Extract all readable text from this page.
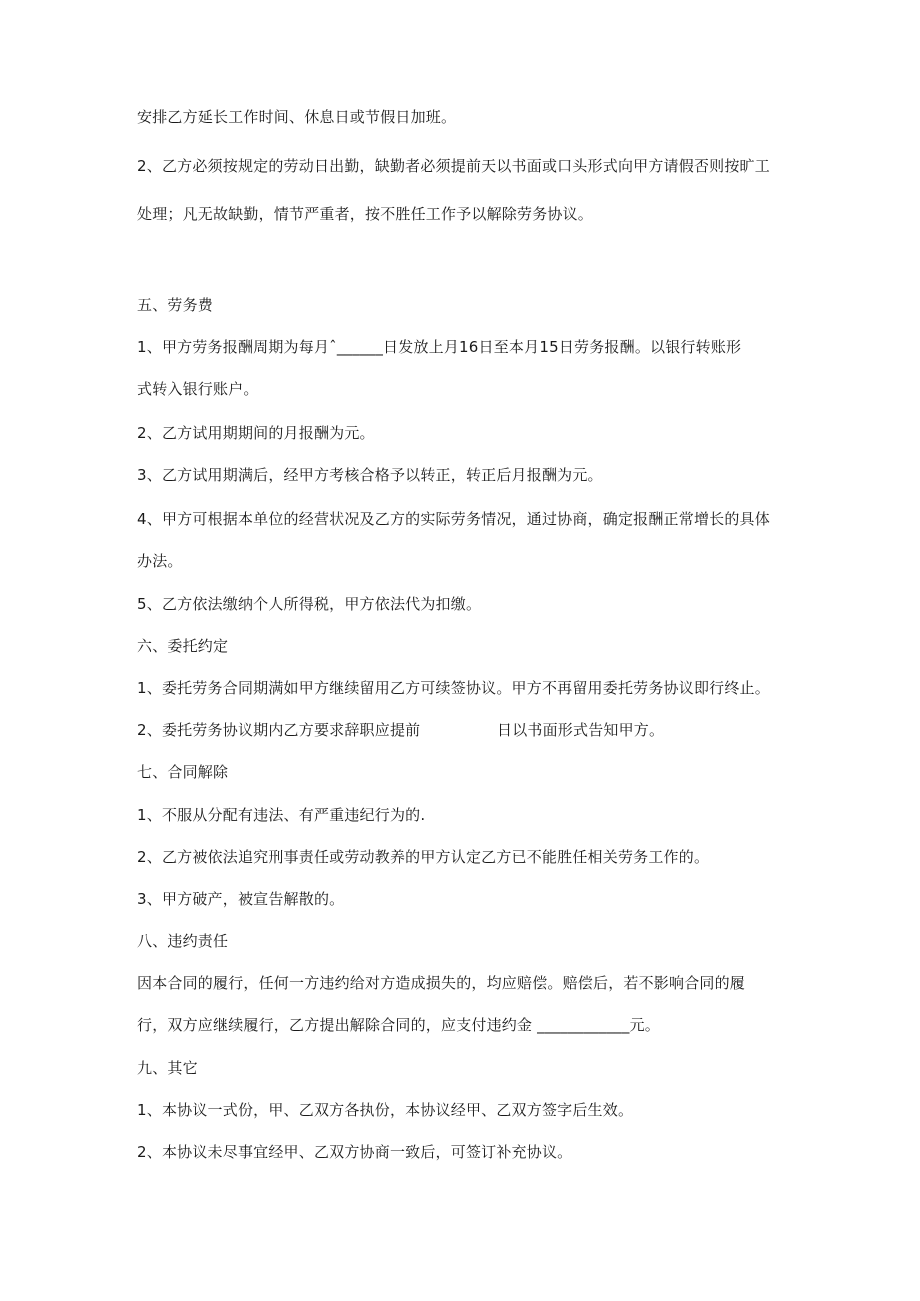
安排乙方延长工作时间、休息日或节假日加班。
2、乙方必须按规定的劳动日出勤，缺勤者必须提前天以书面或口头形式向甲方请假否则按旷工
处理；凡无故缺勤，情节严重者，按不胜任工作予以解除劳务协议。
五、劳务费
1、甲方劳务报酬周期为每月ˆ______日发放上月16日至本月15日劳务报酬。以银行转账形
式转入银行账户。
2、乙方试用期期间的月报酬为元。
3、乙方试用期满后，经甲方考核合格予以转正，转正后月报酬为元。
4、甲方可根据本单位的经营状况及乙方的实际劳务情况，通过协商，确定报酬正常增长的具体
办法。
5、乙方依法缴纳个人所得税，甲方依法代为扣缴。
六、委托约定
1、委托劳务合同期满如甲方继续留用乙方可续签协议。甲方不再留用委托劳务协议即行终止。
2、委托劳务协议期内乙方要求辞职应提前	日以书面形式告知甲方。
七、合同解除
1、不服从分配有违法、有严重违纪行为的.
2、乙方被依法追究刑事责任或劳动教养的甲方认定乙方已不能胜任相关劳务工作的。
3、甲方破产，被宣告解散的。
八、违约责任
因本合同的履行，任何一方违约给对方造成损失的，均应赔偿。赔偿后，若不影响合同的履
行，双方应继续履行，乙方提出解除合同的，应支付违约金 ____________元。
九、其它
1、本协议一式份，甲、乙双方各执份，本协议经甲、乙双方签字后生效。
2、本协议未尽事宜经甲、乙双方协商一致后，可签订补充协议。
